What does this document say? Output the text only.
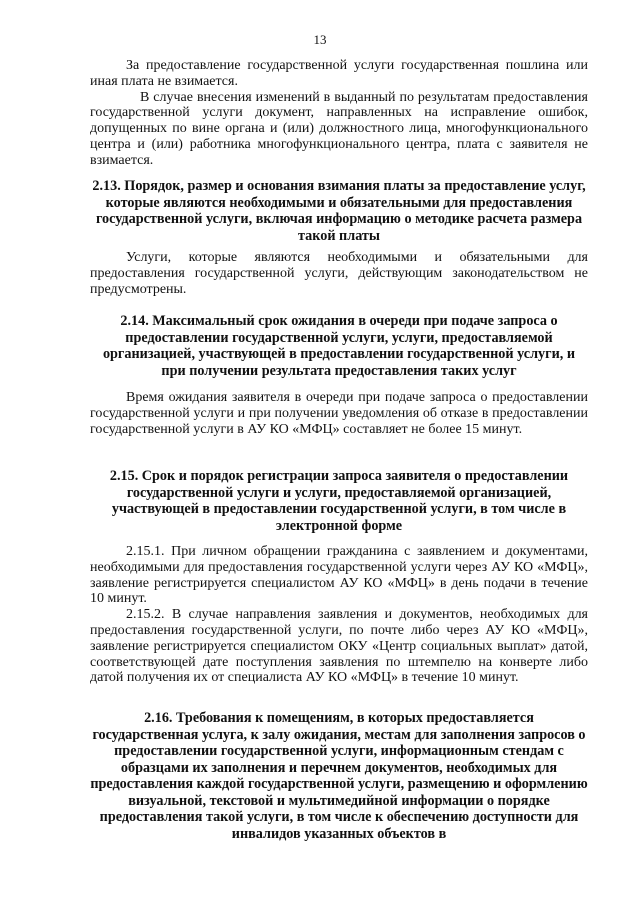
13

За предоставление государственной услуги государственная пошлина или иная плата не взимается.

В случае внесения изменений в выданный по результатам предоставления государственной услуги документ, направленных на исправление ошибок, допущенных по вине органа и (или) должностного лица, многофункционального центра и (или) работника многофункционального центра, плата с заявителя не взимается.

2.13. Порядок, размер и основания взимания платы за предоставление услуг, которые являются необходимыми и обязательными для предоставления государственной услуги, включая информацию о методике расчета размера такой платы

Услуги, которые являются необходимыми и обязательными для предоставления государственной услуги, действующим законодательством не предусмотрены.

2.14. Максимальный срок ожидания в очереди при подаче запроса о предоставлении государственной услуги, услуги, предоставляемой организацией, участвующей в предоставлении государственной услуги, и при получении результата предоставления таких услуг

Время ожидания заявителя в очереди при подаче запроса о предоставлении государственной услуги и при получении уведомления об отказе в предоставлении государственной услуги в АУ КО «МФЦ» составляет не более 15 минут.

2.15. Срок и порядок регистрации запроса заявителя о предоставлении государственной услуги и услуги, предоставляемой организацией, участвующей в предоставлении государственной услуги, в том числе в электронной форме

2.15.1. При личном обращении гражданина с заявлением и документами, необходимыми для предоставления государственной услуги через АУ КО «МФЦ», заявление регистрируется специалистом АУ КО «МФЦ» в день подачи в течение 10 минут.

2.15.2. В случае направления заявления и документов, необходимых для предоставления государственной услуги, по почте либо через АУ КО «МФЦ», заявление регистрируется специалистом ОКУ «Центр социальных выплат» датой, соответствующей дате поступления заявления по штемпелю на конверте либо датой получения их от специалиста АУ КО «МФЦ» в течение 10 минут.

2.16. Требования к помещениям, в которых предоставляется государственная услуга, к залу ожидания, местам для заполнения запросов о предоставлении государственной услуги, информационным стендам с образцами их заполнения и перечнем документов, необходимых для предоставления каждой государственной услуги, размещению и оформлению визуальной, текстовой и мультимедийной информации о порядке предоставления такой услуги, в том числе к обеспечению доступности для инвалидов указанных объектов в
